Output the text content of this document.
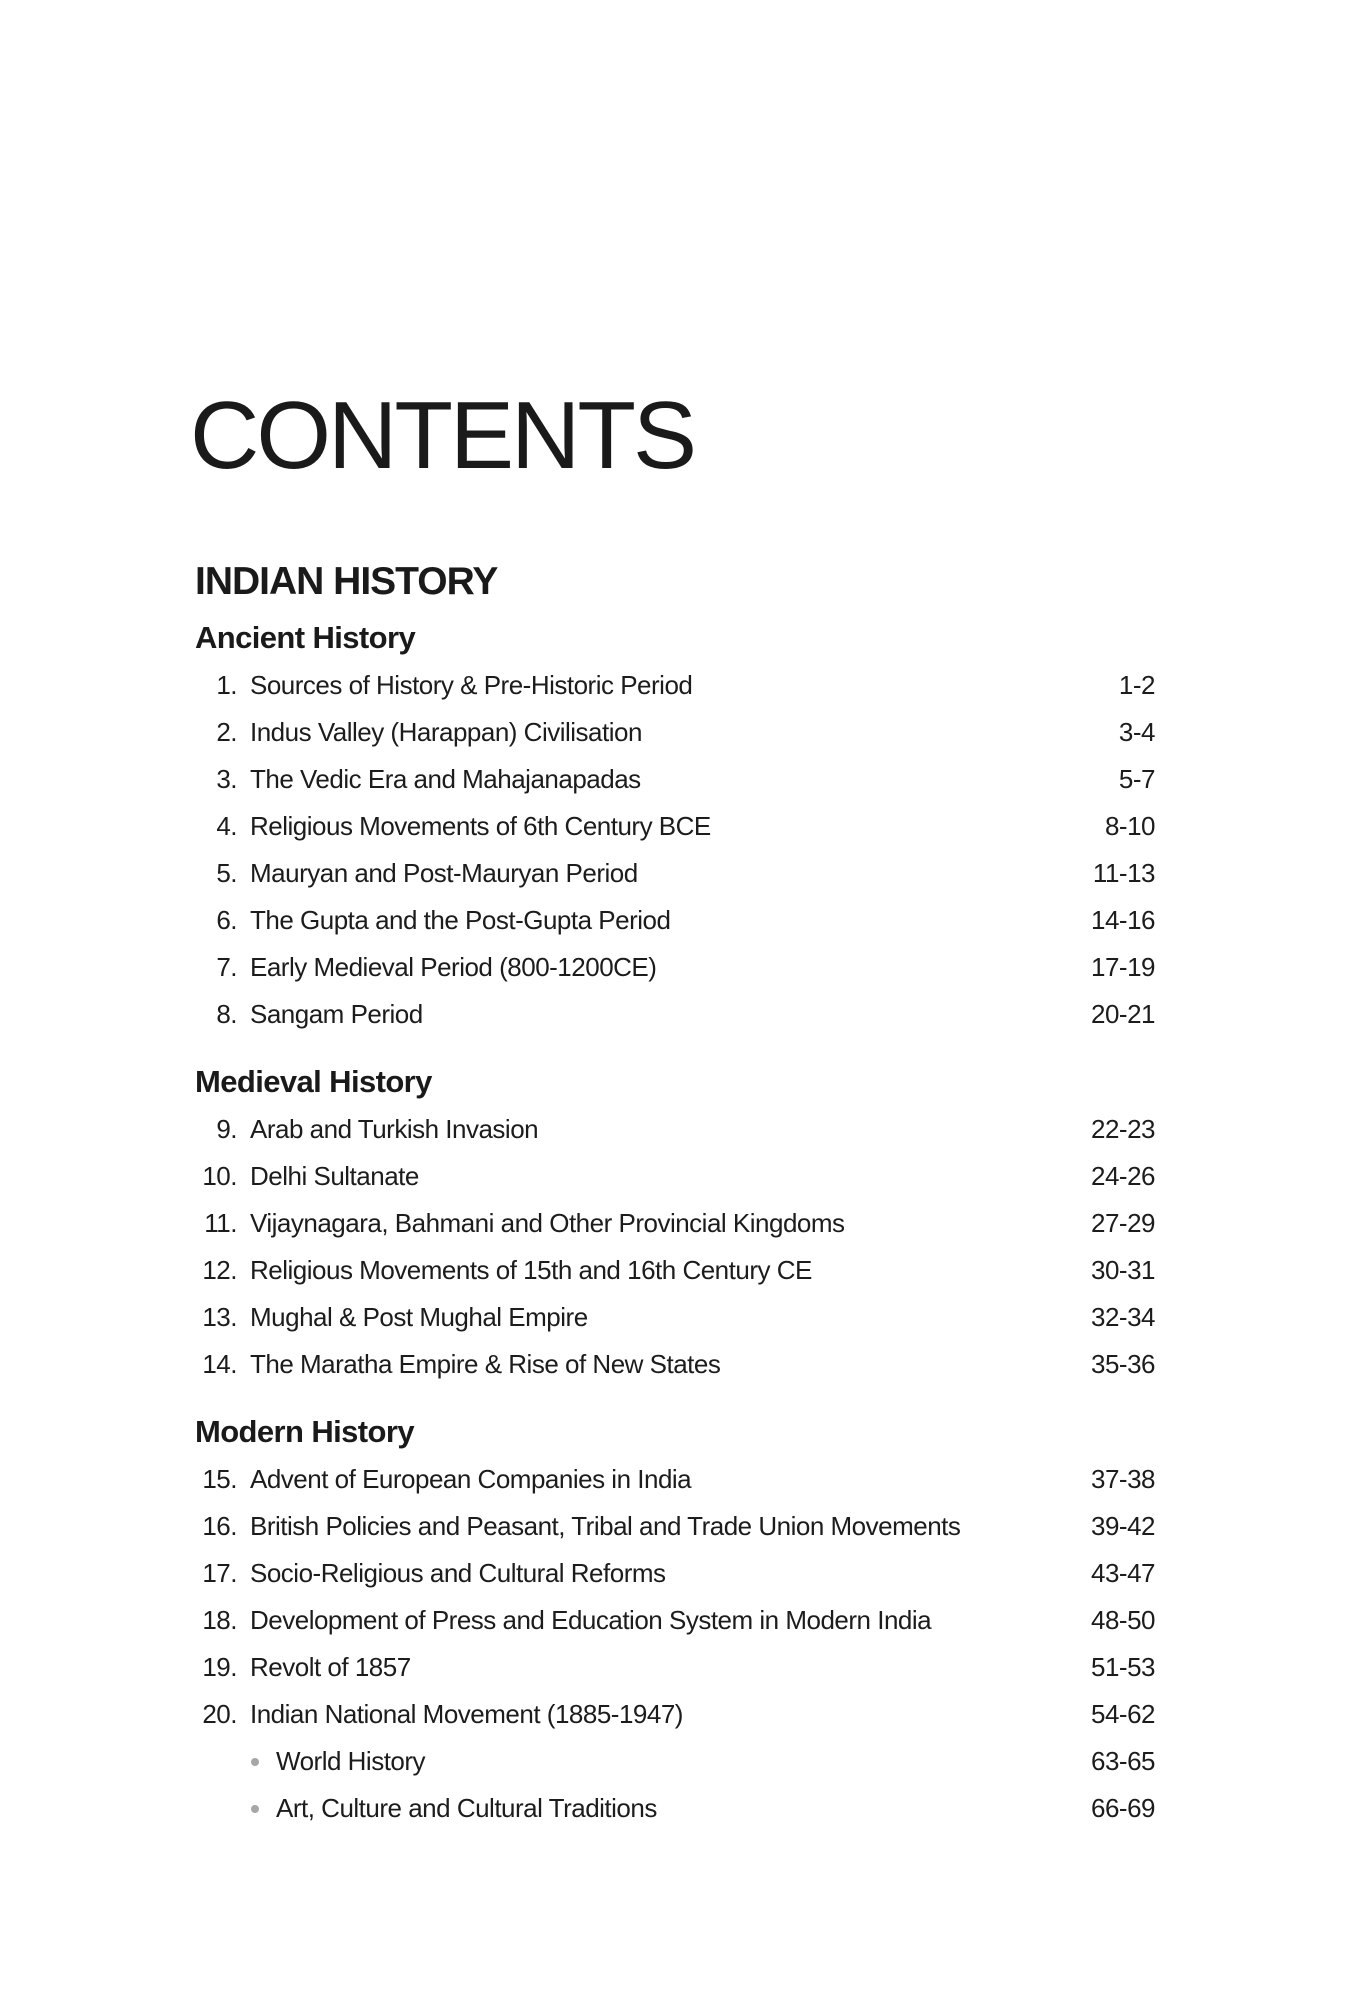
CONTENTS
INDIAN HISTORY
Ancient History
1. Sources of History & Pre-Historic Period	1-2
2. Indus Valley (Harappan) Civilisation	3-4
3. The Vedic Era and Mahajanapadas	5-7
4. Religious Movements of 6th Century BCE	8-10
5. Mauryan and Post-Mauryan Period	11-13
6. The Gupta and the Post-Gupta Period	14-16
7. Early Medieval Period (800-1200CE)	17-19
8. Sangam Period	20-21
Medieval History
9. Arab and Turkish Invasion	22-23
10. Delhi Sultanate	24-26
11. Vijaynagara, Bahmani and Other Provincial Kingdoms	27-29
12. Religious Movements of 15th and 16th Century CE	30-31
13. Mughal & Post Mughal Empire	32-34
14. The Maratha Empire & Rise of New States	35-36
Modern History
15. Advent of European Companies in India	37-38
16. British Policies and Peasant, Tribal and Trade Union Movements	39-42
17. Socio-Religious and Cultural Reforms	43-47
18. Development of Press and Education System in Modern India	48-50
19. Revolt of 1857	51-53
20. Indian National Movement (1885-1947)	54-62
World History	63-65
Art, Culture and Cultural Traditions	66-69
